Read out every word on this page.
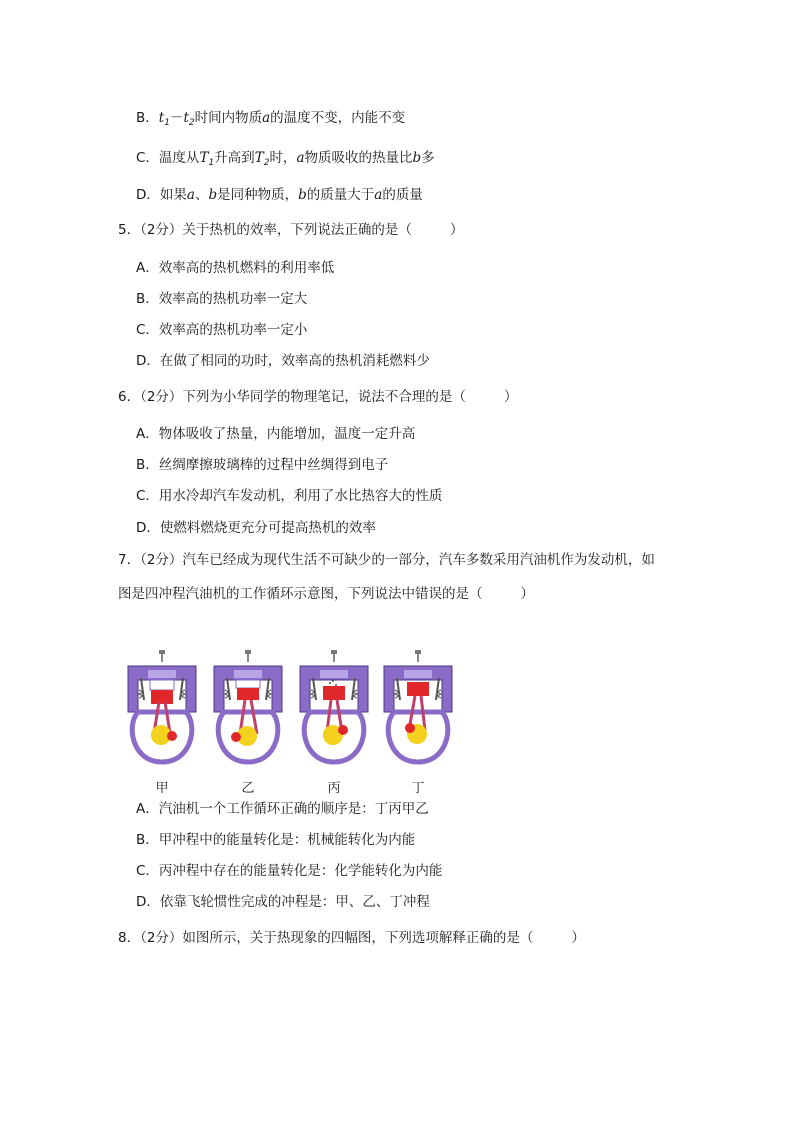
B．$t_1-t_2$时间内物质a的温度不变，内能不变
C．温度从$T_1$升高到$T_2$时，a物质吸收的热量比b多
D．如果a、b是同种物质，b的质量大于a的质量
5．（2分）关于热机的效率，下列说法正确的是（	）
A．效率高的热机燃料的利用率低
B．效率高的热机功率一定大
C．效率高的热机功率一定小
D．在做了相同的功时，效率高的热机消耗燃料少
6．（2分）下列为小华同学的物理笔记，说法不合理的是（	）
A．物体吸收了热量，内能增加，温度一定升高
B．丝绸摩擦玻璃棒的过程中丝绸得到电子
C．用水冷却汽车发动机，利用了水比热容大的性质
D．使燃料燃烧更充分可提高热机的效率
7．（2分）汽车已经成为现代生活不可缺少的一部分，汽车多数采用汽油机作为发动机，如
图是四冲程汽油机的工作循环示意图，下列说法中错误的是（	）
甲	乙	丙	丁
A．汽油机一个工作循环正确的顺序是：丁丙甲乙
B．甲冲程中的能量转化是：机械能转化为内能
C．丙冲程中存在的能量转化是：化学能转化为内能
D．依靠飞轮惯性完成的冲程是：甲、乙、丁冲程
8．（2分）如图所示，关于热现象的四幅图，下列选项解释正确的是（	）
